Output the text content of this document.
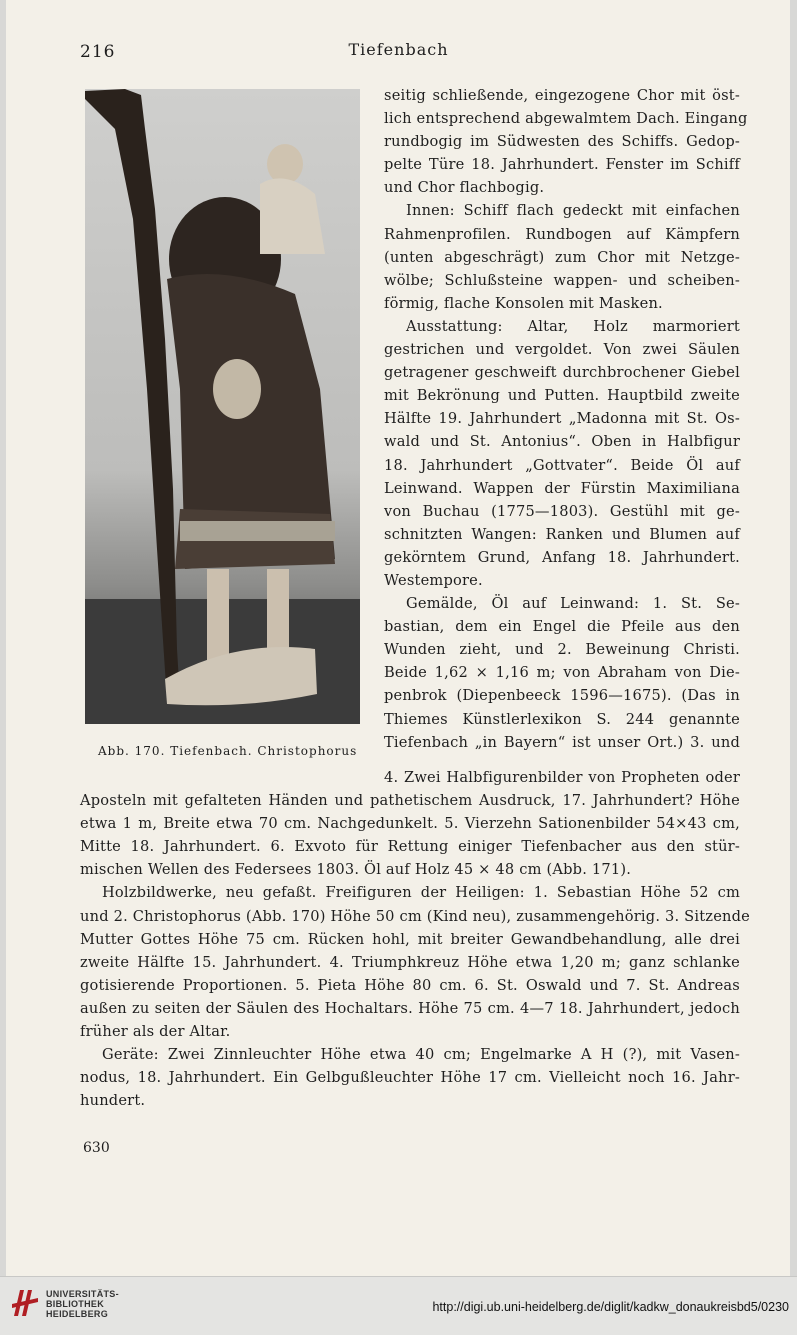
216	Tiefenbach
Abb. 170. Tiefenbach. Christophorus
seitig schließende, eingezogene Chor mit öst-
lich entsprechend abgewalmtem Dach. Eingang
rundbogig im Südwesten des Schiffs. Gedop-
pelte Türe 18. Jahrhundert. Fenster im Schiff
und Chor flachbogig.
Innen: Schiff flach gedeckt mit einfachen
Rahmenprofilen. Rundbogen auf Kämpfern
(unten abgeschrägt) zum Chor mit Netzge-
wölbe; Schlußsteine wappen- und scheiben-
förmig, flache Konsolen mit Masken.
Ausstattung: Altar, Holz marmoriert
gestrichen und vergoldet. Von zwei Säulen
getragener geschweift durchbrochener Giebel
mit Bekrönung und Putten. Hauptbild zweite
Hälfte 19. Jahrhundert „Madonna mit St. Os-
wald und St. Antonius“. Oben in Halbfigur
18. Jahrhundert „Gottvater“. Beide Öl auf
Leinwand. Wappen der Fürstin Maximiliana
von Buchau (1775—1803). Gestühl mit ge-
schnitzten Wangen: Ranken und Blumen auf
gekörntem Grund, Anfang 18. Jahrhundert.
Westempore.
Gemälde, Öl auf Leinwand: 1. St. Se-
bastian, dem ein Engel die Pfeile aus den
Wunden zieht, und 2. Beweinung Christi.
Beide 1,62 × 1,16 m; von Abraham von Die-
penbrok (Diepenbeeck 1596—1675). (Das in
Thiemes Künstlerlexikon S. 244 genannte
Tiefenbach „in Bayern“ ist unser Ort.) 3. und
4. Zwei Halbfigurenbilder von Propheten oder
Aposteln mit gefalteten Händen und pathetischem Ausdruck, 17. Jahrhundert? Höhe
etwa 1 m, Breite etwa 70 cm. Nachgedunkelt. 5. Vierzehn Sationenbilder 54×43 cm,
Mitte 18. Jahrhundert. 6. Exvoto für Rettung einiger Tiefenbacher aus den stür-
mischen Wellen des Federsees 1803. Öl auf Holz 45 × 48 cm (Abb. 171).
Holzbildwerke, neu gefaßt. Freifiguren der Heiligen: 1. Sebastian Höhe 52 cm
und 2. Christophorus (Abb. 170) Höhe 50 cm (Kind neu), zusammengehörig. 3. Sitzende
Mutter Gottes Höhe 75 cm. Rücken hohl, mit breiter Gewandbehandlung, alle drei
zweite Hälfte 15. Jahrhundert. 4. Triumphkreuz Höhe etwa 1,20 m; ganz schlanke
gotisierende Proportionen. 5. Pieta Höhe 80 cm. 6. St. Oswald und 7. St. Andreas
außen zu seiten der Säulen des Hochaltars. Höhe 75 cm. 4—7 18. Jahrhundert, jedoch
früher als der Altar.
Geräte: Zwei Zinnleuchter Höhe etwa 40 cm; Engelmarke A H (?), mit Vasen-
nodus, 18. Jahrhundert. Ein Gelbgußleuchter Höhe 17 cm. Vielleicht noch 16. Jahr-
hundert.
630
UNIVERSITÄTS-
BIBLIOTHEK
HEIDELBERG	http://digi.ub.uni-heidelberg.de/diglit/kadkw_donaukreisbd5/0230
